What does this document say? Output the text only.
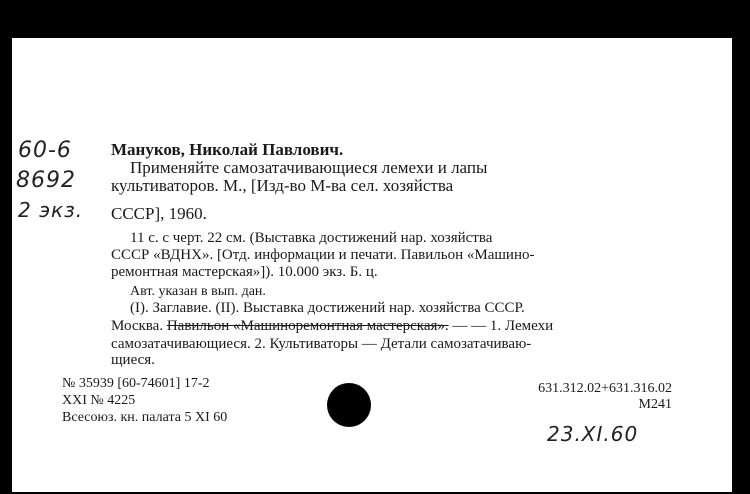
60-6
8692
2 экз.
Мануков, Николай Павлович.
Применяйте самозатачивающиеся лемехи и лапы
культиваторов. М., [Изд-во М-ва сел. хозяйства
СССР], 1960.
11 с. с черт. 22 см. (Выставка достижений нар. хозяйства
СССР «ВДНХ». [Отд. информации и печати. Павильон «Машино-
ремонтная мастерская»]). 10.000 экз. Б. ц.
Авт. указан в вып. дан.
(I). Заглавие. (II). Выставка достижений нар. хозяйства СССР.
Москва. Павильон «Машиноремонтная мастерская». — — 1. Лемехи
самозатачивающиеся. 2. Культиваторы — Детали самозатачиваю-
щиеся.
№ 35939 [60-74601] 17-2
XXI № 4225
Всесоюз. кн. палата 5 XI 60
631.312.02+631.316.02
М241
23.XI.60
